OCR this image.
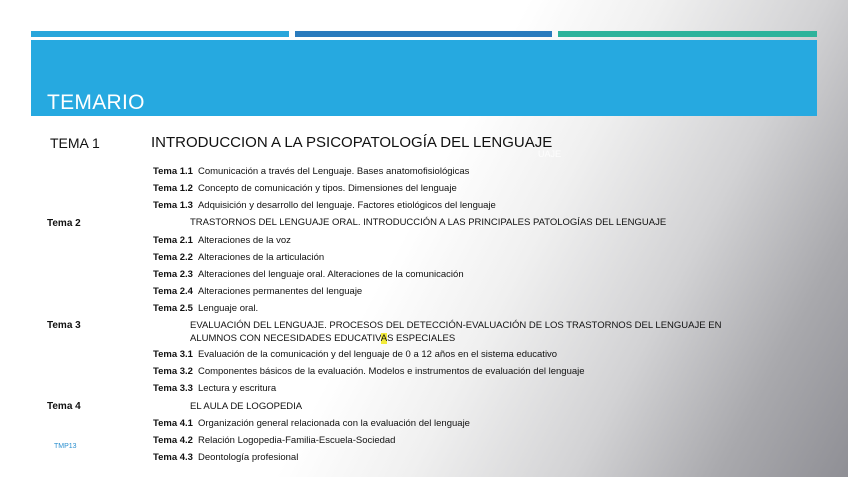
TEMARIO
TEMA 1	INTRODUCCION A LA PSICOPATOLOGÍA DEL LENGUAJE
UAJE
Tema 1.1 Comunicación a través del Lenguaje. Bases anatomofisiológicas
Tema 1.2 Concepto de comunicación y tipos. Dimensiones del lenguaje
Tema 1.3 Adquisición y desarrollo del lenguaje. Factores etiológicos del lenguaje
Tema 2	TRASTORNOS DEL LENGUAJE ORAL. INTRODUCCIÓN A LAS PRINCIPALES PATOLOGÍAS DEL LENGUAJE
Tema 2.1 Alteraciones de la voz
Tema 2.2 Alteraciones de la articulación
Tema 2.3 Alteraciones del lenguaje oral. Alteraciones de la comunicación
Tema 2.4 Alteraciones permanentes del lenguaje
Tema 2.5 Lenguaje oral.
Tema 3	EVALUACIÓN DEL LENGUAJE. PROCESOS DEL DETECCIÓN-EVALUACIÓN DE LOS TRASTORNOS DEL LENGUAJE EN ALUMNOS CON NECESIDADES EDUCATIVAS ESPECIALES
Tema 3.1 Evaluación de la comunicación y del lenguaje de 0 a 12 años en el sistema educativo
Tema 3.2 Componentes básicos de la evaluación. Modelos e instrumentos de evaluación del lenguaje
Tema 3.3 Lectura y escritura
Tema 4	EL AULA DE LOGOPEDIA
Tema 4.1 Organización general relacionada con la evaluación del lenguaje
Tema 4.2 Relación Logopedia-Familia-Escuela-Sociedad
Tema 4.3 Deontología profesional
TMP13
